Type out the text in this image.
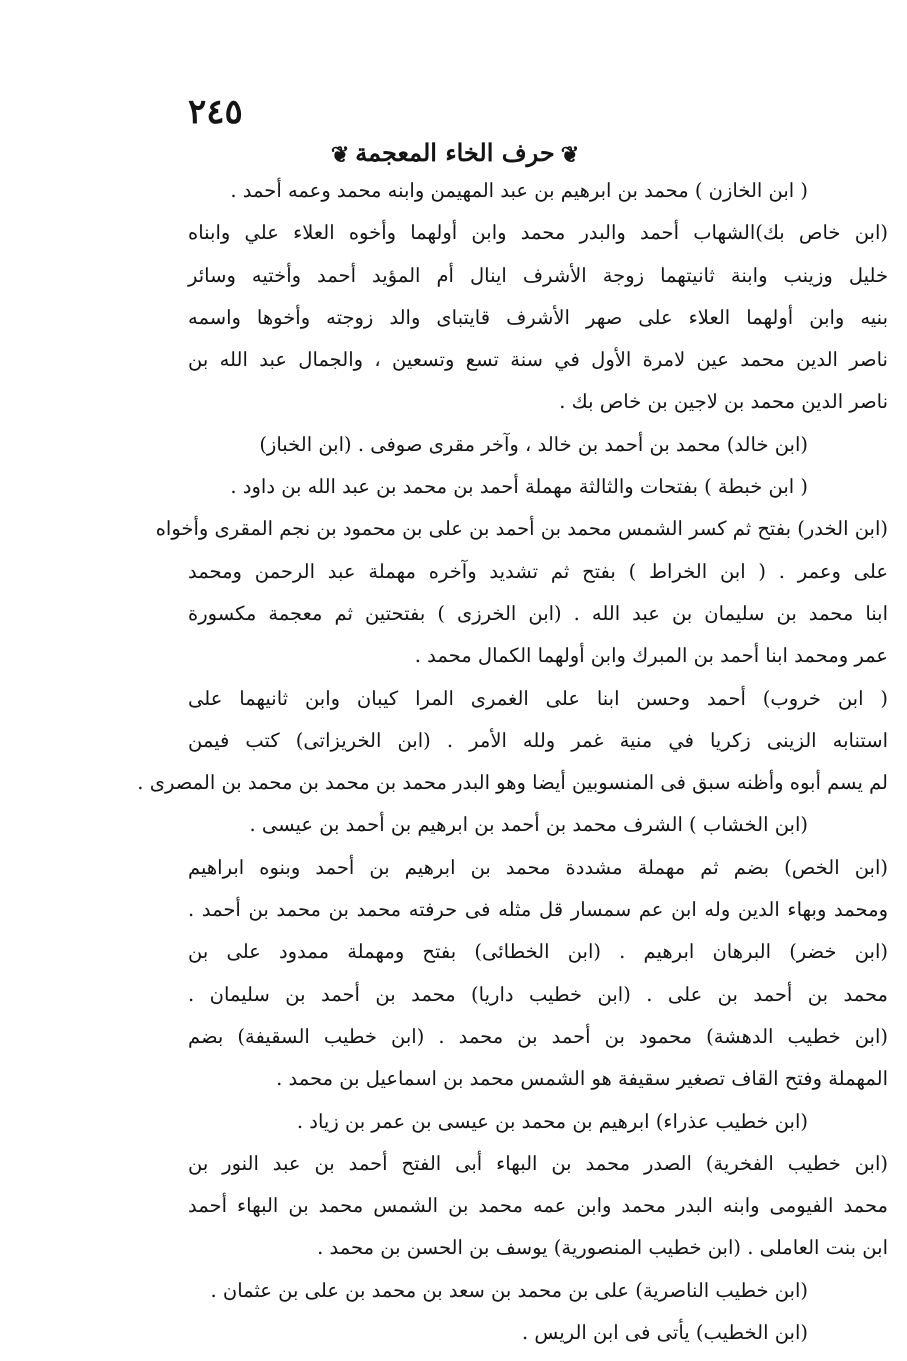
٢٤٥
❦ حرف الخاء المعجمة ❦
( ابن الخازن ) محمد بن ابرهيم بن عبد المهيمن وابنه محمد وعمه أحمد .
(ابن خاص بك)الشهاب أحمد والبدر محمد وابن أولهما وأخوه العلاء علي وابناه
خليل وزينب وابنة ثانيتهما زوجة الأشرف اينال أم المؤيد أحمد وأختيه وسائر
بنيه وابن أولهما العلاء على صهر الأشرف قايتباى والد زوجته وأخوها واسمه
ناصر الدين محمد عين لامرة الأول في سنة تسع وتسعين ، والجمال عبد الله بن
ناصر الدين محمد بن لاجين بن خاص بك .
(ابن خالد) محمد بن أحمد بن خالد ، وآخر مقرى صوفى . (ابن الخباز)
( ابن خبطة ) بفتحات والثالثة مهملة أحمد بن محمد بن عبد الله بن داود .
(ابن الخدر) بفتح ثم كسر الشمس محمد بن أحمد بن على بن محمود بن نجم المقرى وأخواه
على وعمر . ( ابن الخراط ) بفتح ثم تشديد وآخره مهملة عبد الرحمن ومحمد
ابنا محمد بن سليمان بن عبد الله . (ابن الخرزى ) بفتحتين ثم معجمة مكسورة
عمر ومحمد ابنا أحمد بن المبرك وابن أولهما الكمال محمد .
( ابن خروب) أحمد وحسن ابنا على الغمرى المرا كيبان وابن ثانيهما على
استنابه الزينى زكريا في منية غمر ولله الأمر . (ابن الخريزاتى) كتب فيمن
لم يسم أبوه وأظنه سبق فى المنسوبين أيضا وهو البدر محمد بن محمد بن محمد بن المصرى .
(ابن الخشاب ) الشرف محمد بن أحمد بن ابرهيم بن أحمد بن عيسى .
(ابن الخص) بضم ثم مهملة مشددة محمد بن ابرهيم بن أحمد وبنوه ابراهيم
ومحمد وبهاء الدين وله ابن عم سمسار قل مثله فى حرفته محمد بن محمد بن أحمد .
(ابن خضر) البرهان ابرهيم . (ابن الخطائى) بفتح ومهملة ممدود على بن
محمد بن أحمد بن على . (ابن خطيب داريا) محمد بن أحمد بن سليمان .
(ابن خطيب الدهشة) محمود بن أحمد بن محمد . (ابن خطيب السقيفة) بضم
المهملة وفتح القاف تصغير سقيفة هو الشمس محمد بن اسماعيل بن محمد .
(ابن خطيب عذراء) ابرهيم بن محمد بن عيسى بن عمر بن زياد .
(ابن خطيب الفخرية) الصدر محمد بن البهاء أبى الفتح أحمد بن عبد النور بن
محمد الفيومى وابنه البدر محمد وابن عمه محمد بن الشمس محمد بن البهاء أحمد
ابن بنت العاملى . (ابن خطيب المنصورية) يوسف بن الحسن بن محمد .
(ابن خطيب الناصرية) على بن محمد بن سعد بن محمد بن على بن عثمان .
(ابن الخطيب) يأتى فى ابن الريس .
